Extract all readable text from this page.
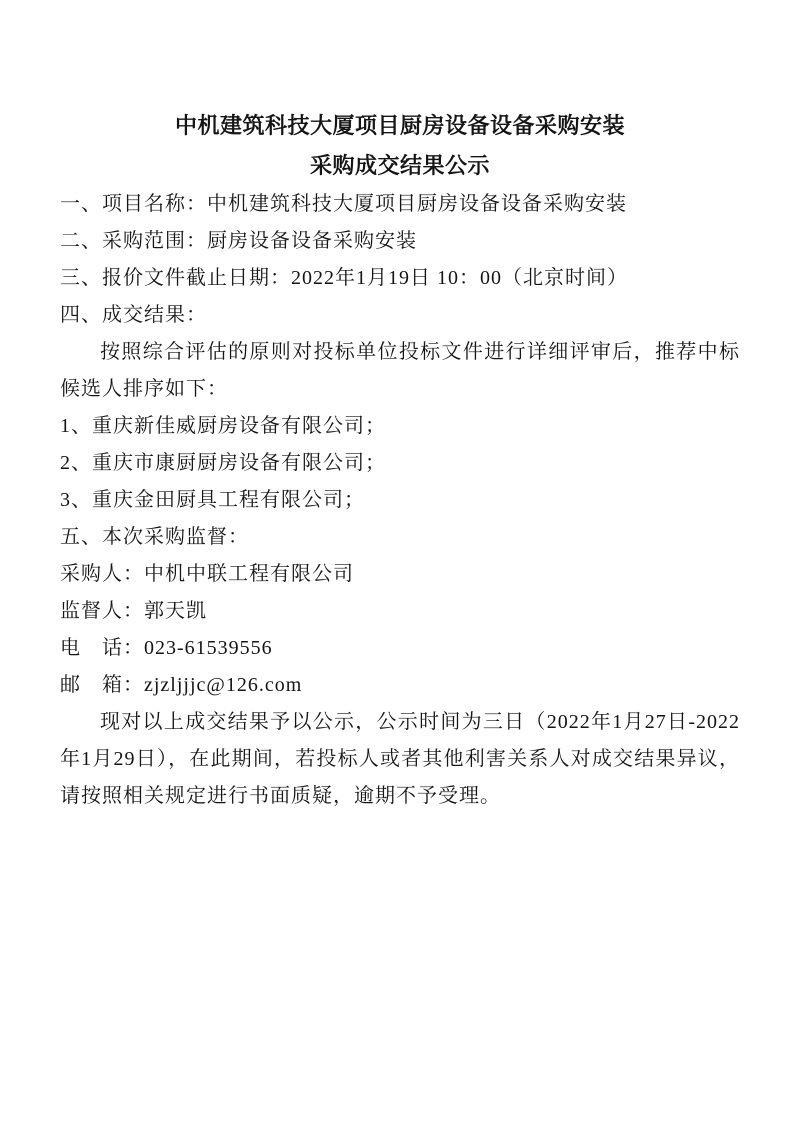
中机建筑科技大厦项目厨房设备设备采购安装

采购成交结果公示

一、项目名称：中机建筑科技大厦项目厨房设备设备采购安装

二、采购范围：厨房设备设备采购安装

三、报价文件截止日期：2022年1月19日 10：00（北京时间）

四、成交结果：

按照综合评估的原则对投标单位投标文件进行详细评审后，推荐中标候选人排序如下：

1、重庆新佳威厨房设备有限公司；

2、重庆市康厨厨房设备有限公司；

3、重庆金田厨具工程有限公司；

五、本次采购监督：

采购人：中机中联工程有限公司

监督人：郭天凯

电　话：023-61539556

邮　箱：zjzljjjc@126.com

现对以上成交结果予以公示，公示时间为三日（2022年1月27日-2022年1月29日），在此期间，若投标人或者其他利害关系人对成交结果异议，请按照相关规定进行书面质疑，逾期不予受理。
